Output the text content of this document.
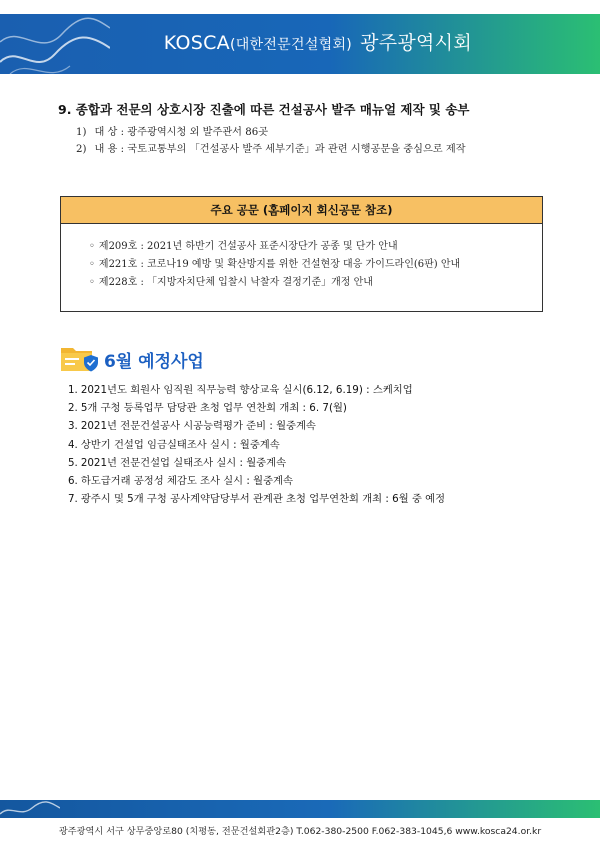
KOSCA(대한전문건설협회) 광주광역시회
9. 종합과 전문의 상호시장 진출에 따른 건설공사 발주 매뉴얼 제작 및 송부
1) 대 상 : 광주광역시청 외 발주관서 86곳
2) 내 용 : 국토교통부의 「건설공사 발주 세부기준」과 관련 시행공문을 중심으로 제작
주요 공문 (홈페이지 회신공문 참조)
◦ 제209호 : 2021년 하반기 건설공사 표준시장단가 공종 및 단가 안내
◦ 제221호 : 코로나19 예방 및 확산방지를 위한 건설현장 대응 가이드라인(6판) 안내
◦ 제228호 : 「지방자치단체 입찰시 낙찰자 결정기준」개정 안내
6월 예정사업
1. 2021년도 회원사 임직원 직무능력 향상교육 실시(6.12, 6.19) : 스케치업
2. 5개 구청 등록업무 담당관 초청 업무 연찬회 개최 : 6. 7(월)
3. 2021년 전문건설공사 시공능력평가 준비 : 월중계속
4. 상반기 건설업 임금실태조사 실시 : 월중계속
5. 2021년 전문건설업 실태조사 실시 : 월중계속
6. 하도급거래 공정성 체감도 조사 실시 : 월중계속
7. 광주시 및 5개 구청 공사계약담당부서 관계관 초청 업무연찬회 개최 : 6월 중 예정
광주광역시 서구 상무중앙로80 (치평동, 전문건설회관2층) T.062-380-2500 F.062-383-1045,6 www.kosca24.or.kr
